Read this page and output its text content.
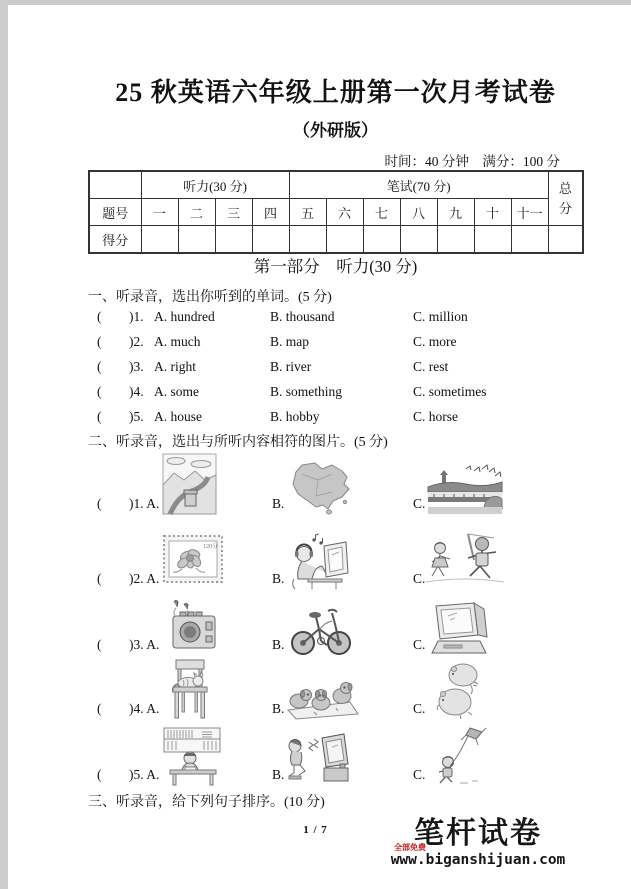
25 秋英语六年级上册第一次月考试卷
（外研版）
时间：40 分钟　满分：100 分
	听力(30 分)				笔试(70 分)							总
分

题号	一	二	三	四	五	六	七	八	九	十	十一	
得分												
第一部分　听力(30 分)
一、听录音，选出你听到的单词。(5 分)
( )1. A. hundred	B. thousand	C. million
( )2. A. much	B. map	C. more
( )3. A. right	B. river	C. rest
( )4. A. some	B. something	C. sometimes
( )5. A. house	B. hobby	C. horse
二、听录音，选出与所听内容相符的图片。(5 分)
( )1. A.	B.	C.
( )2. A.	B.	C.
120分
( )3. A.	B.	C.
( )4. A.	B.	C.
( )5. A.	B.	C.
三、听录音，给下列句子排序。(10 分)
1 / 7	笔杆试卷
全部免费
www.biganshijuan.com
